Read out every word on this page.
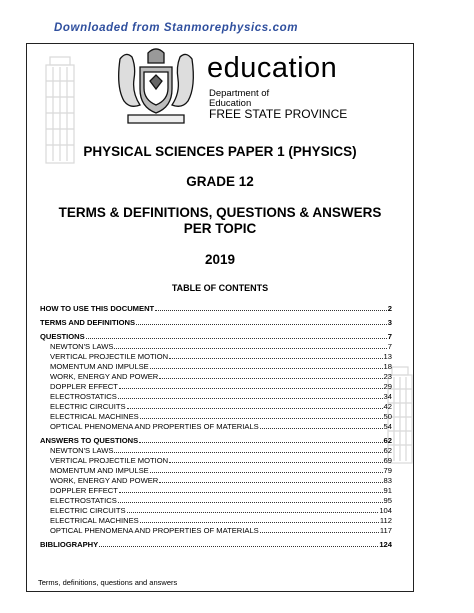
Downloaded from Stanmorephysics.com
education
Department of
Education
FREE STATE PROVINCE
PHYSICAL SCIENCES PAPER 1 (PHYSICS)
GRADE 12
TERMS & DEFINITIONS, QUESTIONS & ANSWERS
PER TOPIC
2019
TABLE OF CONTENTS
HOW TO USE THIS DOCUMENT	2
TERMS AND DEFINITIONS	3
QUESTIONS	7
NEWTON'S LAWS	7
VERTICAL PROJECTILE MOTION	13
MOMENTUM AND IMPULSE	18
WORK, ENERGY AND POWER	23
DOPPLER EFFECT	29
ELECTROSTATICS	34
ELECTRIC CIRCUITS	42
ELECTRICAL MACHINES	50
OPTICAL PHENOMENA AND PROPERTIES OF MATERIALS	54
ANSWERS TO QUESTIONS	62
NEWTON'S LAWS	62
VERTICAL PROJECTILE MOTION	69
MOMENTUM AND IMPULSE	79
WORK, ENERGY AND POWER	83
DOPPLER EFFECT	91
ELECTROSTATICS	95
ELECTRIC CIRCUITS	104
ELECTRICAL MACHINES	112
OPTICAL PHENOMENA AND PROPERTIES OF MATERIALS	117
BIBLIOGRAPHY	124
Terms, definitions, questions and answers
